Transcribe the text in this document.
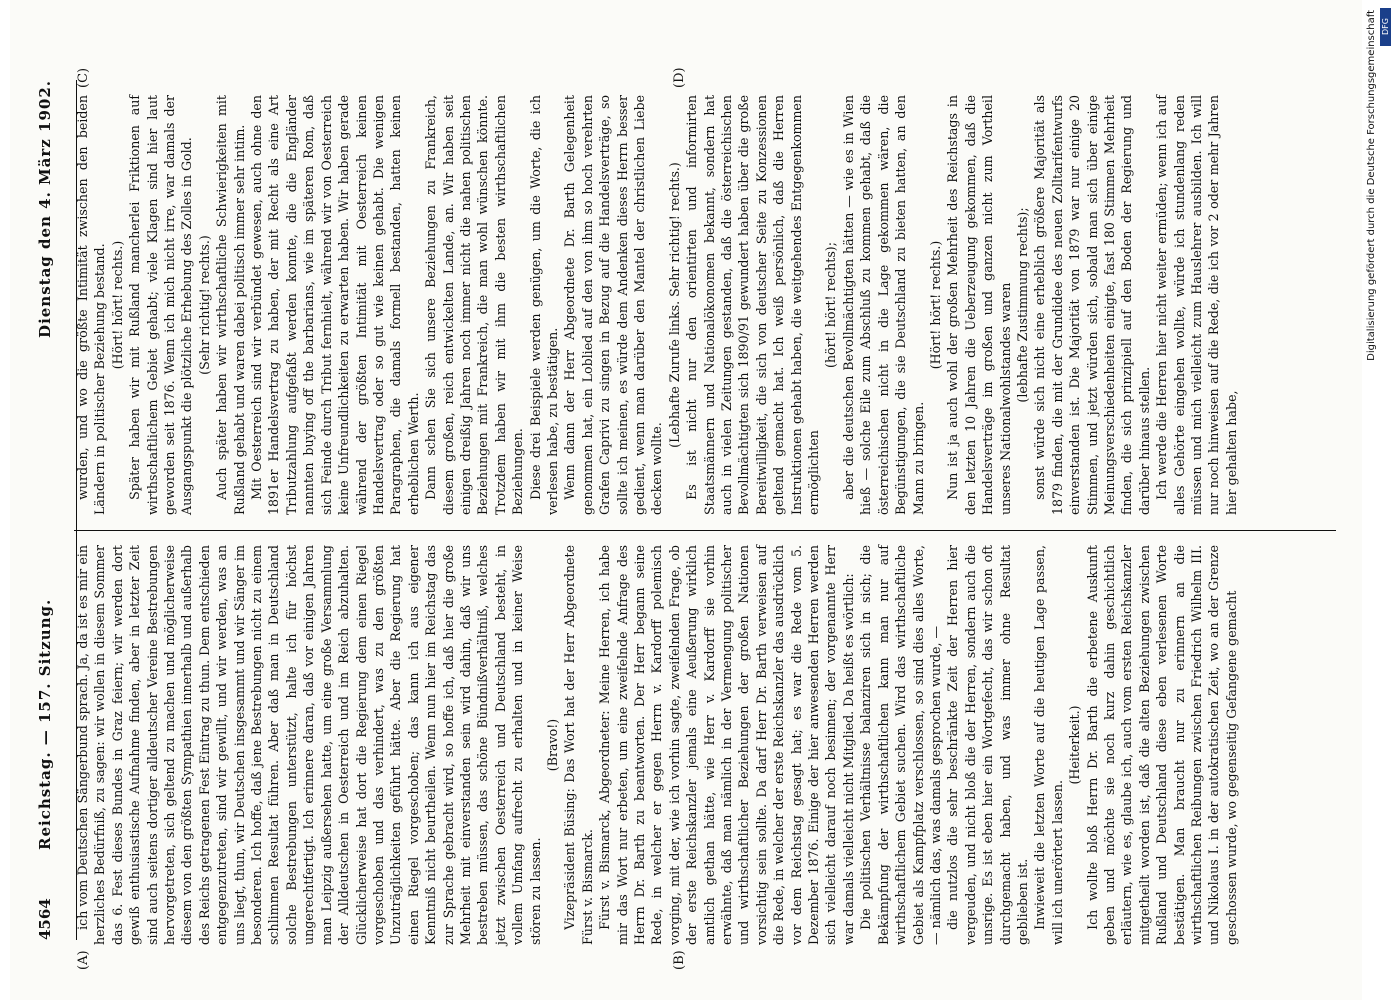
4564
Reichstag. — 157. Sitzung.
Dienstag den 4. März 1902.
(A)	(B)
(C)	(D)

ich vom Deutschen Sängerbund sprach. Ja, da ist es mir ein herzliches Bedürfniß, zu sagen: wir wollen in diesem Sommer das 6. Fest dieses Bundes in Graz feiern; wir werden dort gewiß enthusiastische Aufnahme finden, aber in letzter Zeit sind auch seitens dortiger alldeutscher Vereine Bestrebungen hervorgetreten, sich geltend zu machen und möglicherweise diesem von den größten Sympathien innerhalb und außerhalb des Reichs getragenen Fest Eintrag zu thun. Dem entschieden entgegenzutreten, sind wir gewillt, und wir werden, was an uns liegt, thun, wir Deutschen insgesammt und wir Sänger im besonderen. Ich hoffe, daß jene Bestrebungen nicht zu einem schlimmen Resultat führen. Aber daß man in Deutschland solche Bestrebungen unterstützt, halte ich für höchst ungerechtfertigt. Ich erinnere daran, daß vor einigen Jahren man Leipzig außersehen hatte, um eine große Versammlung der Alldeutschen in Oesterreich und im Reich abzuhalten. Glücklicherweise hat dort die Regierung dem einen Riegel vorgeschoben und das verhindert, was zu den größten Unzuträglichkeiten geführt hätte. Aber die Regierung hat einen Riegel vorgeschoben; das kann ich aus eigener Kenntniß nicht beurtheilen. Wenn nun hier im Reichstag das zur Sprache gebracht wird, so hoffe ich, daß hier die große Mehrheit mit einverstanden sein wird dahin, daß wir uns bestreben müssen, das schöne Bündnißverhältniß, welches jetzt zwischen Oesterreich und Deutschland besteht, in vollem Umfang aufrecht zu erhalten und in keiner Weise stören zu lassen.

(Bravo!) Vizepräsident Büsing: Das Wort hat der Herr Abgeordnete Fürst v. Bismarck. Fürst v. Bismarck, Abgeordneter: Meine Herren, ich habe mir das Wort nur erbeten, um eine zweifelnde Anfrage des Herrn Dr. Barth zu beantworten. Der Herr begann seine Rede, in welcher er gegen Herrn v. Kardorff polemisch vorging, mit der, wie ich vorhin sagte, zweifelnden Frage, ob der erste Reichskanzler jemals eine Aeußerung wirklich amtlich gethan hätte, wie Herr v. Kardorff sie vorhin erwähnte, daß man nämlich in der Vermengung politischer und wirthschaftlicher Beziehungen der großen Nationen vorsichtig sein sollte. Da darf Herr Dr. Barth verweisen auf die Rede, in welcher der erste Reichskanzler das ausdrücklich vor dem Reichstag gesagt hat; es war die Rede vom 5. Dezember 1876. Einige der hier anwesenden Herren werden sich vielleicht darauf noch besinnen; der vorgenannte Herr war damals vielleicht nicht Mitglied. Da heißt es wörtlich: Die politischen Verhältnisse balanziren sich in sich; die Bekämpfung der wirthschaftlichen kann man nur auf wirthschaftlichem Gebiet suchen. Wird das wirthschaftliche Gebiet als Kampfplatz verschlossen, so sind dies alles Worte, — nämlich das, was damals gesprochen wurde, — die nutzlos die sehr beschränkte Zeit der Herren hier vergeuden, und nicht bloß die der Herren, sondern auch die unsrige. Es ist eben hier ein Wortgefecht, das wir schon oft durchgemacht haben, und was immer ohne Resultat geblieben ist. Inwieweit die letzten Worte auf die heutigen Lage passen, will ich unerörtert lassen.

(Heiterkeit.) Ich wollte bloß Herrn Dr. Barth die erbetene Auskunft geben und möchte sie noch kurz dahin geschichtlich erläutern, wie es, glaube ich, auch vom ersten Reichskanzler mitgetheilt worden ist, daß die alten Beziehungen zwischen Rußland und Deutschland diese eben verlesenen Worte bestätigen. Man braucht nur zu erinnern an die wirthschaftlichen Reibungen zwischen Friedrich Wilhelm III. und Nikolaus I. in der autokratischen Zeit, wo an der Grenze geschossen wurde, wo gegenseitig Gefangene gemacht

wurden, und wo die größte Intimität zwischen den beiden Ländern in politischer Beziehung bestand. (Hört! hört! rechts.) Später haben wir mit Rußland mancherlei Friktionen auf wirthschaftlichem Gebiet gehabt; viele Klagen sind hier laut geworden seit 1876. Wenn ich mich nicht irre, war damals der Ausgangspunkt die plötzliche Erhebung des Zolles in Gold. (Sehr richtig! rechts.) Auch später haben wir wirthschaftliche Schwierigkeiten mit Rußland gehabt und waren dabei politisch immer sehr intim. Mit Oesterreich sind wir verbündet gewesen, auch ohne den 1891er Handelsvertrag zu haben, der mit Recht als eine Art Tributzahlung aufgefaßt werden konnte, die die Engländer nannten buying off the barbarians, wie im späteren Rom, daß sich Feinde durch Tribut fernhielt, während wir von Oesterreich keine Unfreundlichkeiten zu erwarten haben. Wir haben gerade während der größten Intimität mit Oesterreich keinen Handelsvertrag oder so gut wie keinen gehabt. Die wenigen Paragraphen, die damals formell bestanden, hatten keinen erheblichen Werth. Dann schen Sie sich unsere Beziehungen zu Frankreich, diesem großen, reich entwickelten Lande, an. Wir haben seit einigen dreißig Jahren noch immer nicht die nahen politischen Beziehungen mit Frankreich, die man wohl wünschen könnte. Trotzdem haben wir mit ihm die besten wirthschaftlichen Beziehungen. Diese drei Beispiele werden genügen, um die Worte, die ich verlesen habe, zu bestätigen. Wenn dann der Herr Abgeordnete Dr. Barth Gelegenheit genommen hat, ein Loblied auf den von ihm so hoch verehrten Grafen Caprivi zu singen in Bezug auf die Handelsverträge, so sollte ich meinen, es würde dem Andenken dieses Herrn besser gedient, wenn man darüber den Mantel der christlichen Liebe decken wollte.

(Lebhafte Zurufe links. Sehr richtig! rechts.) Es ist nicht nur den orientirten und informirten Staatsmännern und Nationalökonomen bekannt, sondern hat auch in vielen Zeitungen gestanden, daß die österreichischen Bevollmächtigten sich 1890/91 gewundert haben über die große Bereitwilligkeit, die sich von deutscher Seite zu Konzessionen geltend gemacht hat. Ich weiß persönlich, daß die Herren Instruktionen gehabt haben, die weitgehendes Entgegenkommen ermöglichten

(hört! hört! rechts); aber die deutschen Bevollmächtigten hätten — wie es in Wien hieß — solche Eile zum Abschluß zu kommen gehabt, daß die österreichischen nicht in die Lage gekommen wären, die Begünstigungen, die sie Deutschland zu bieten hatten, an den Mann zu bringen.

(Hört! hört! rechts.) Nun ist ja auch wohl der großen Mehrheit des Reichstags in den letzten 10 Jahren die Ueberzeugung gekommen, daß die Handelsverträge im großen und ganzen nicht zum Vortheil unseres Nationalwohlstandes waren (lebhafte Zustimmung rechts); sonst würde sich nicht eine erheblich größere Majorität als 1879 finden, die mit der Grundidee des neuen Zolltarifentwurfs einverstanden ist. Die Majorität von 1879 war nur einige 20 Stimmen, und jetzt würden sich, sobald man sich über einige Meinungsverschiedenheiten einigte, fast 180 Stimmen Mehrheit finden, die sich prinzipiell auf den Boden der Regierung und darüber hinaus stellen. Ich werde die Herren hier nicht weiter ermüden; wenn ich auf alles Gehörte eingehen wollte, würde ich stundenlang reden müssen und mich vielleicht zum Hauslehrer ausbilden. Ich will nur noch hinweisen auf die Rede, die ich vor 2 oder mehr Jahren hier gehalten habe,

Digitalisierung gefördert durch die Deutsche Forschungsgemeinschaft DFG
